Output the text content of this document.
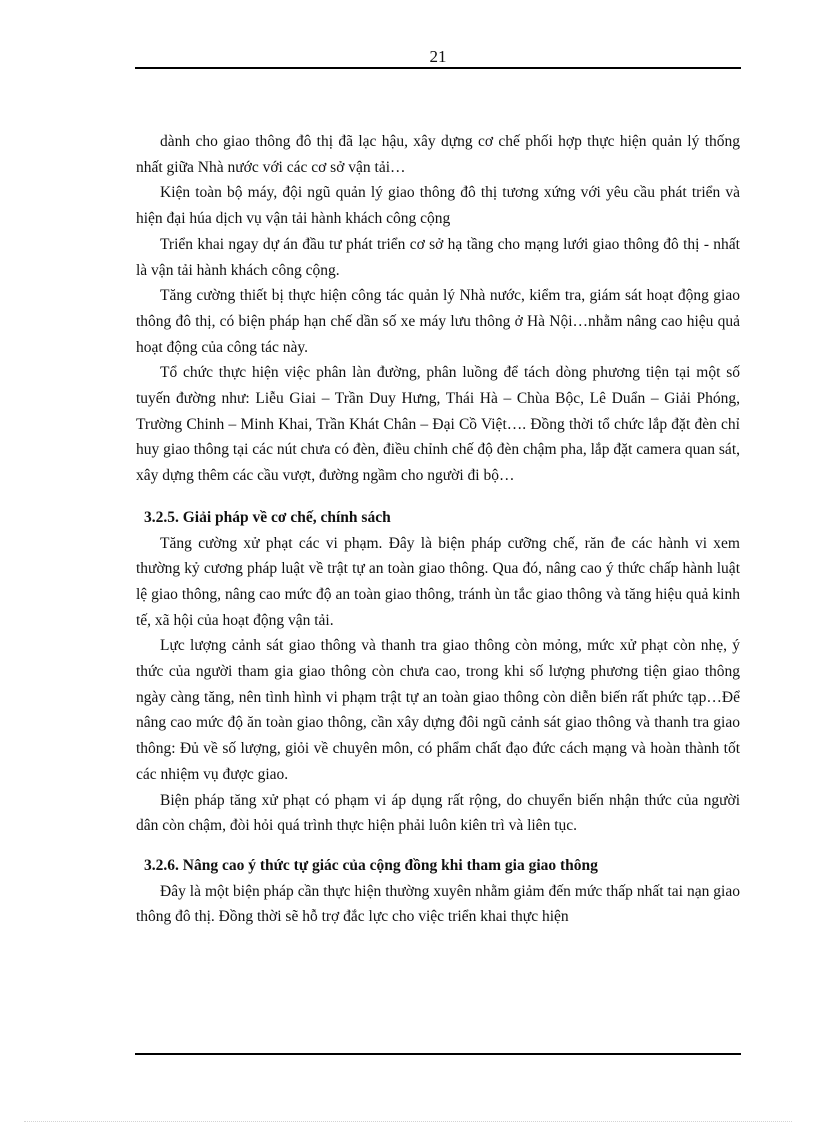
21

dành cho giao thông đô thị đã lạc hậu, xây dựng cơ chế phối hợp thực hiện quản lý thống nhất giữa Nhà nước với các cơ sở vận tải…

Kiện toàn bộ máy, đội ngũ quản lý giao thông đô thị tương xứng với yêu cầu phát triển và hiện đại húa dịch vụ vận tải hành khách công cộng

Triển khai ngay dự án đầu tư phát triển cơ sở hạ tầng cho mạng lưới giao thông đô thị - nhất là vận tải hành khách công cộng.

Tăng cường thiết bị thực hiện công tác quản lý Nhà nước, kiểm tra, giám sát hoạt động giao thông đô thị, có biện pháp hạn chế dần số xe máy lưu thông ở Hà Nội…nhằm nâng cao hiệu quả hoạt động của công tác này.

Tổ chức thực hiện việc phân làn đường, phân luồng để tách dòng phương tiện tại một số tuyến đường như: Liễu Giai – Trần Duy Hưng, Thái Hà – Chùa Bộc, Lê Duẩn – Giải Phóng, Trường Chinh – Minh Khai, Trần Khát Chân – Đại Cồ Việt…. Đồng thời tổ chức lắp đặt đèn chỉ huy giao thông tại các nút chưa có đèn, điều chỉnh chế độ đèn chậm pha, lắp đặt camera quan sát, xây dựng thêm các cầu vượt, đường ngầm cho người đi bộ…

3.2.5. Giải pháp về cơ chế, chính sách

Tăng cường xử phạt các vi phạm. Đây là biện pháp cưỡng chế, răn đe các hành vi xem thường kỷ cương pháp luật về trật tự an toàn giao thông. Qua đó, nâng cao ý thức chấp hành luật lệ giao thông, nâng cao mức độ an toàn giao thông, tránh ùn tắc giao thông và tăng hiệu quả kinh tế, xã hội của hoạt động vận tải.

Lực lượng cảnh sát giao thông và thanh tra giao thông còn mỏng, mức xử phạt còn nhẹ, ý thức của người tham gia giao thông còn chưa cao, trong khi số lượng phương tiện giao thông ngày càng tăng, nên tình hình vi phạm trật tự an toàn giao thông còn diễn biến rất phức tạp…Để nâng cao mức độ ăn toàn giao thông, cần xây dựng đôi ngũ cảnh sát giao thông và thanh tra giao thông: Đủ về số lượng, giỏi về chuyên môn, có phẩm chất đạo đức cách mạng và hoàn thành tốt các nhiệm vụ được giao.

Biện pháp tăng xử phạt có phạm vi áp dụng rất rộng, do chuyển biến nhận thức của người dân còn chậm, đòi hỏi quá trình thực hiện phải luôn kiên trì và liên tục.

3.2.6. Nâng cao ý thức tự giác của cộng đồng khi tham gia giao thông

Đây là một biện pháp cần thực hiện thường xuyên nhằm giảm đến mức thấp nhất tai nạn giao thông đô thị. Đồng thời sẽ hỗ trợ đắc lực cho việc triển khai thực hiện
